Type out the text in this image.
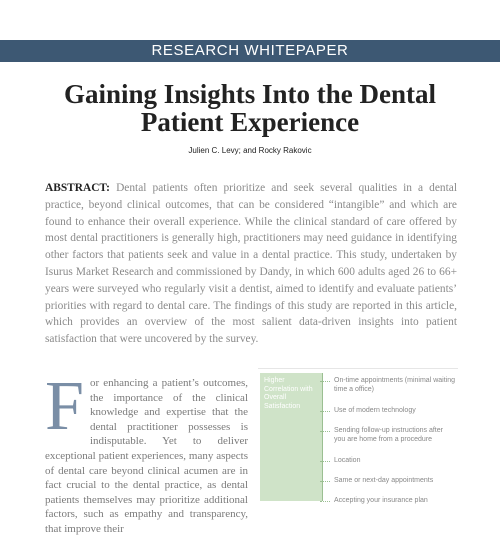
RESEARCH WHITEPAPER
Gaining Insights Into the Dental
Patient Experience
Julien C. Levy; and Rocky Rakovic

ABSTRACT: Dental patients often prioritize and seek several qualities in a dental practice, beyond clinical outcomes, that can be considered “intangible” and which are found to enhance their overall experience. While the clinical standard of care offered by most dental practitioners is generally high, practitioners may need guidance in identifying other factors that patients seek and value in a dental practice. This study, undertaken by Isurus Market Research and commissioned by Dandy, in which 600 adults aged 26 to 66+ years were surveyed who regularly visit a dentist, aimed to identify and evaluate patients’ priorities with regard to dental care. The findings of this study are reported in this article, which provides an overview of the most salient data-driven insights into patient satisfaction that were uncovered by the survey.

For enhancing a patient’s outcomes, the importance of the clinical knowledge and expertise that the dental practitioner possesses is indisputable. Yet to deliver exceptional patient experiences, many aspects of dental care beyond clinical acumen are in fact crucial to the dental practice, as dental patients themselves may prioritize additional factors, such as empathy and transparency, that improve their
Higher Correlation with Overall Satisfaction
On-time appointments (minimal waiting time a office)
Use of modern technology
Sending follow-up instructions after you are home from a procedure
Location
Same or next-day appointments
Accepting your insurance plan
